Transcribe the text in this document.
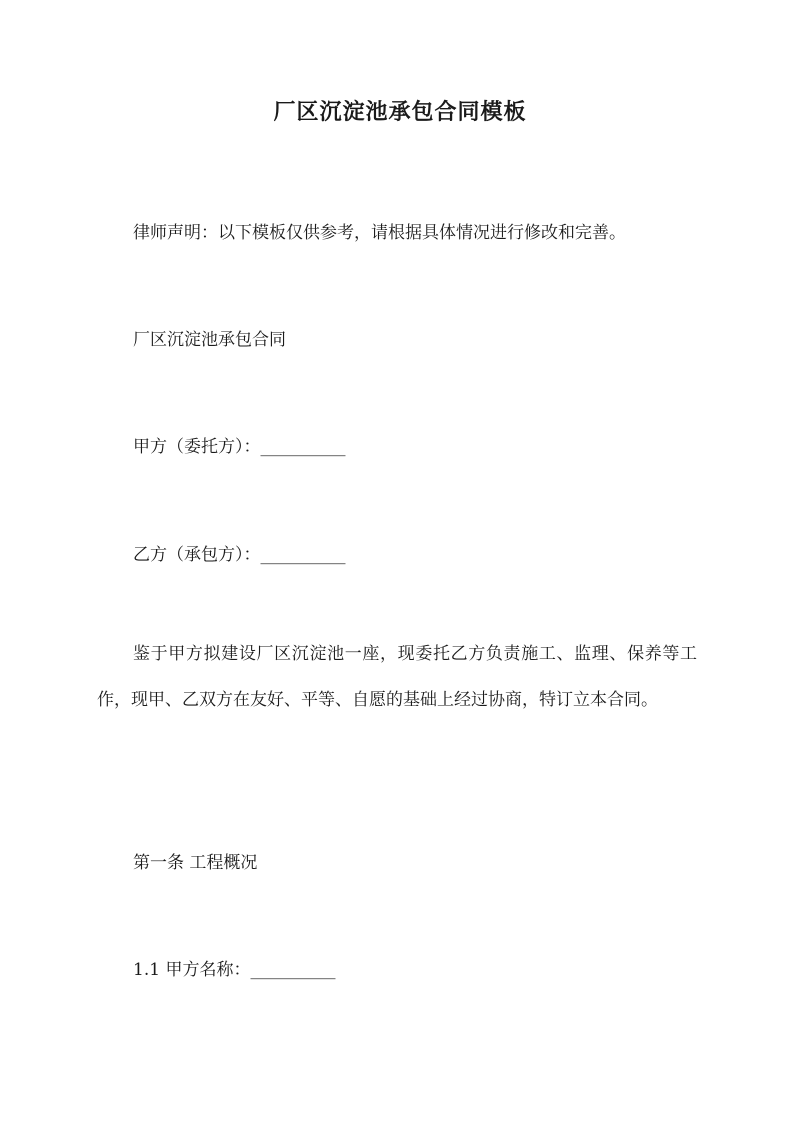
厂区沉淀池承包合同模板
律师声明：以下模板仅供参考，请根据具体情况进行修改和完善。
厂区沉淀池承包合同
甲方（委托方）：__________
乙方（承包方）：__________
鉴于甲方拟建设厂区沉淀池一座，现委托乙方负责施工、监理、保养等工作，现甲、乙双方在友好、平等、自愿的基础上经过协商，特订立本合同。
第一条 工程概况
1.1 甲方名称：__________
